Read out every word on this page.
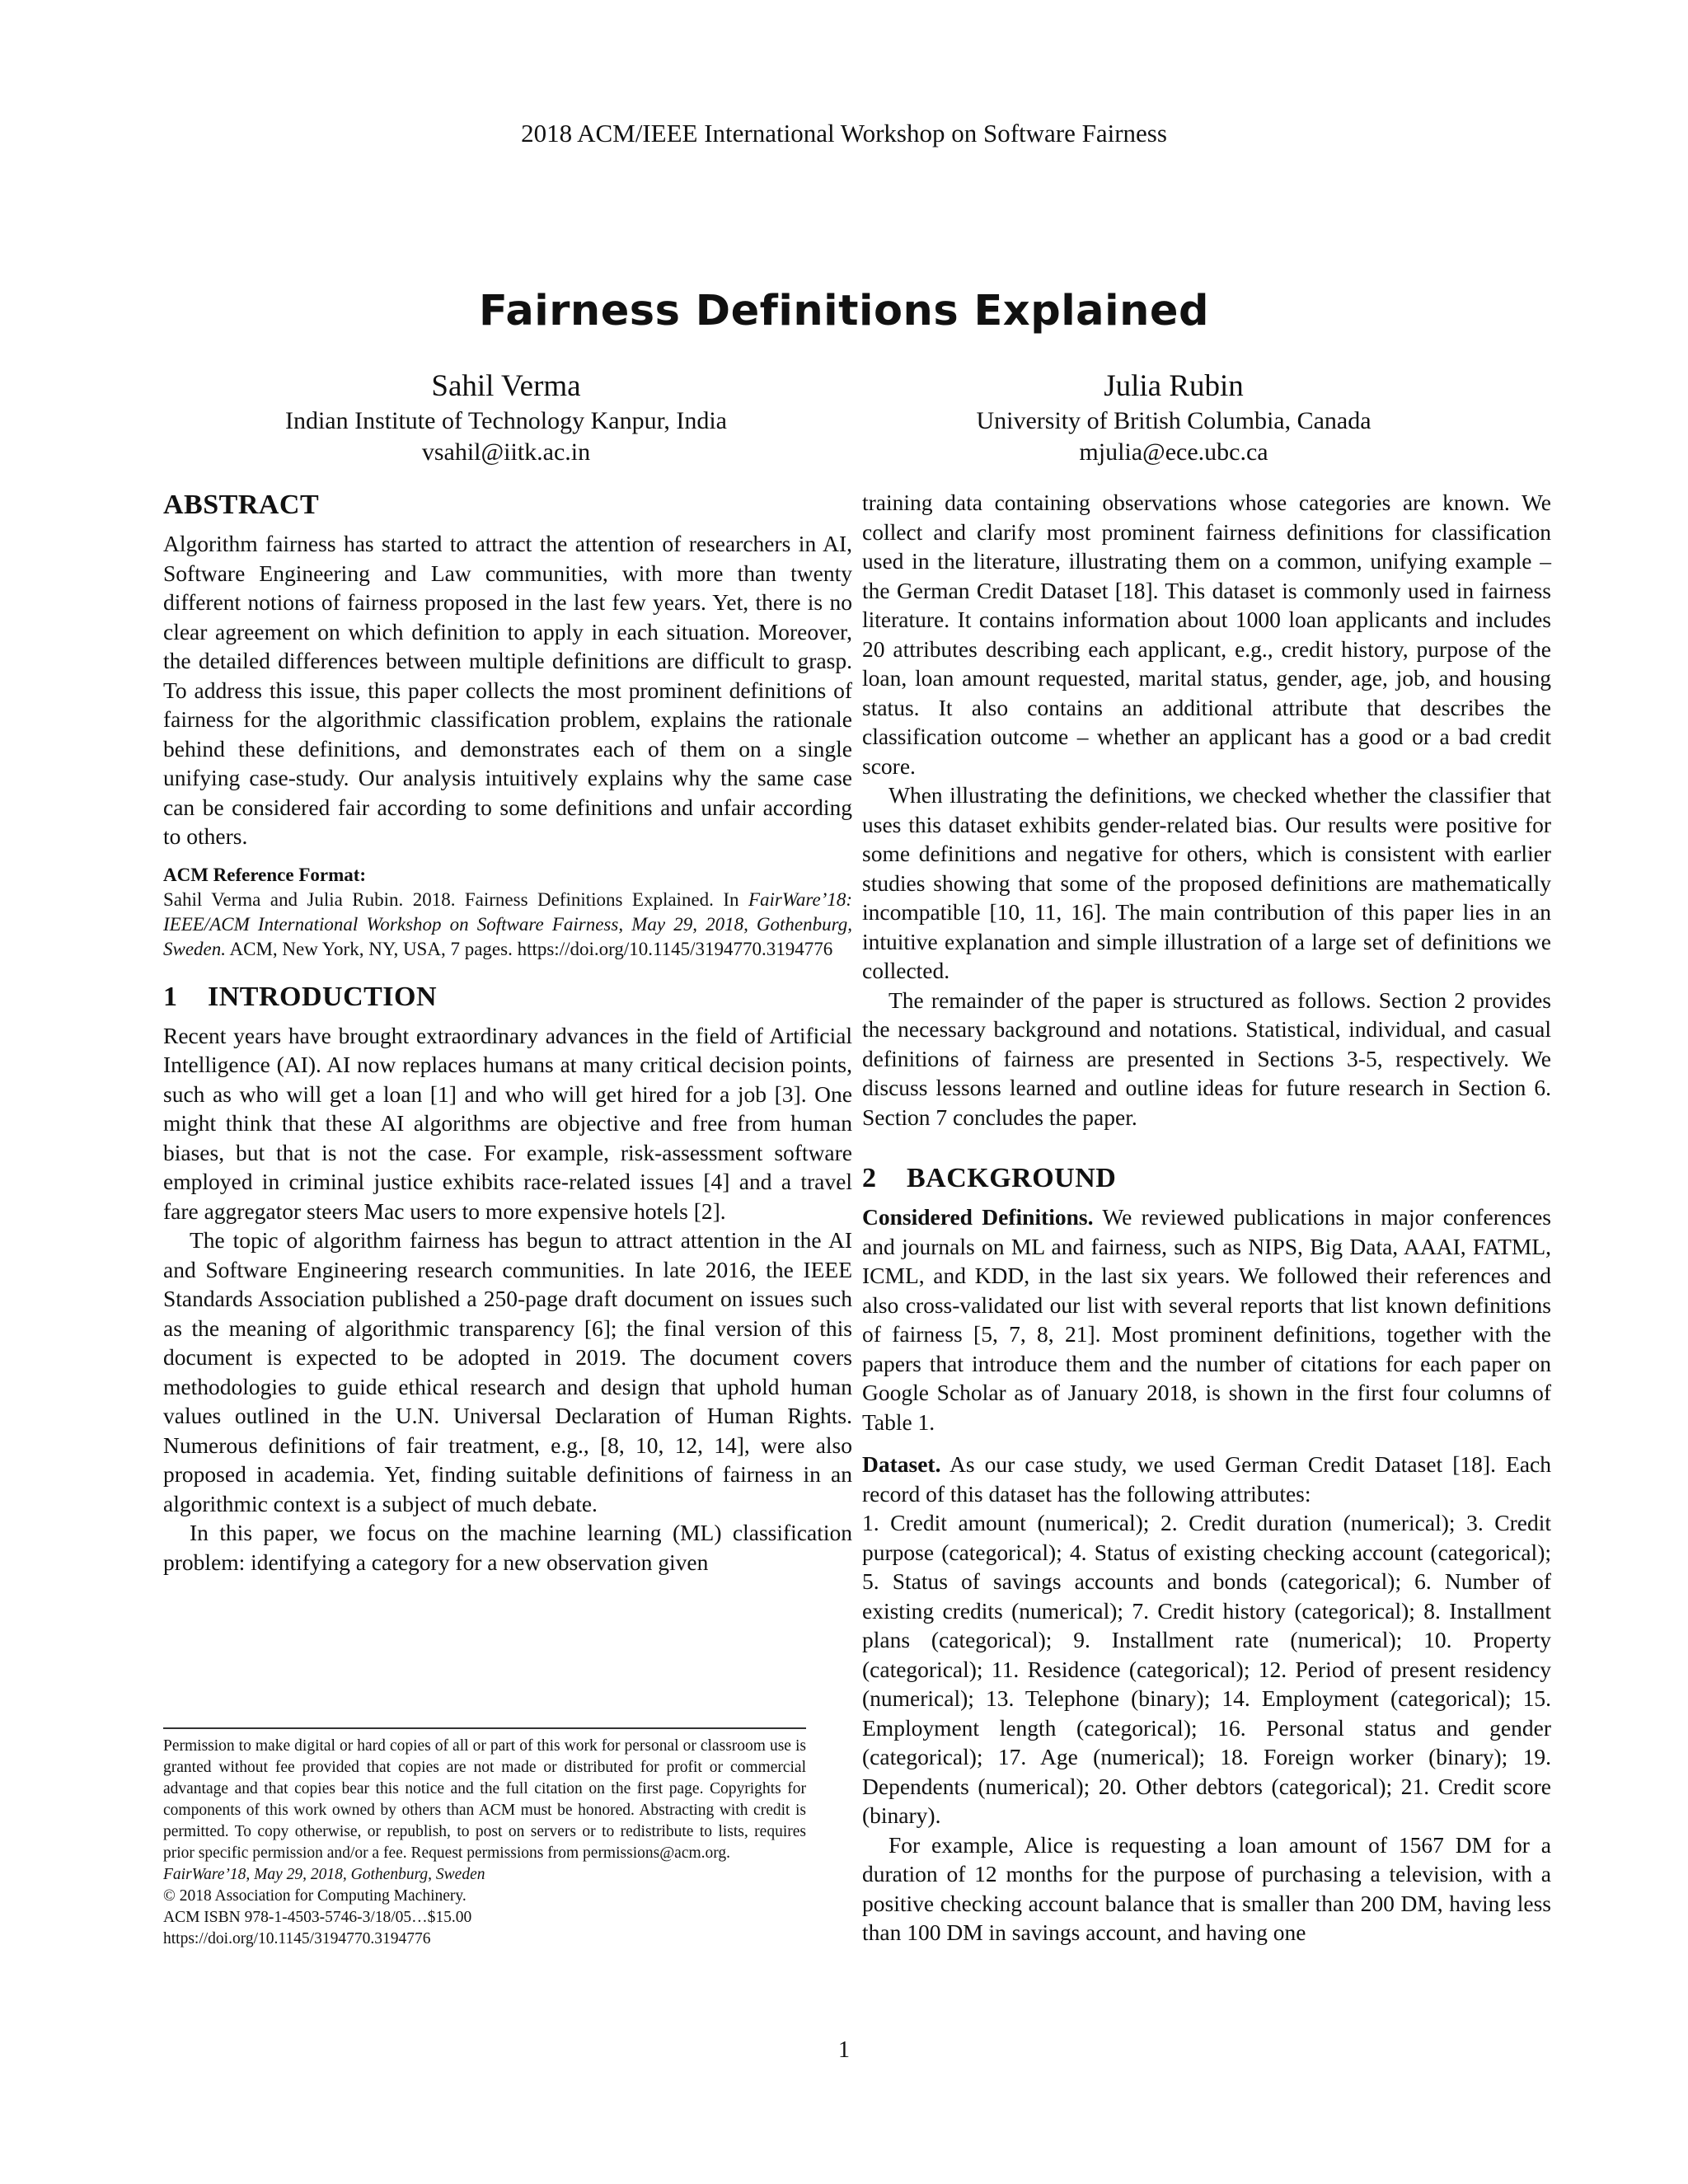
2018 ACM/IEEE International Workshop on Software Fairness
Fairness Definitions Explained
Sahil Verma
Indian Institute of Technology Kanpur, India
vsahil@iitk.ac.in
Julia Rubin
University of British Columbia, Canada
mjulia@ece.ubc.ca
ABSTRACT

Algorithm fairness has started to attract the attention of researchers in AI, Software Engineering and Law communities, with more than twenty different notions of fairness proposed in the last few years. Yet, there is no clear agreement on which definition to apply in each situation. Moreover, the detailed differences between multiple definitions are difficult to grasp. To address this issue, this paper collects the most prominent definitions of fairness for the algorithmic classification problem, explains the rationale behind these definitions, and demonstrates each of them on a single unifying case-study. Our analysis intuitively explains why the same case can be considered fair according to some definitions and unfair according to others.

ACM Reference Format:
Sahil Verma and Julia Rubin. 2018. Fairness Definitions Explained. In FairWare’18: IEEE/ACM International Workshop on Software Fairness, May 29, 2018, Gothenburg, Sweden. ACM, New York, NY, USA, 7 pages. https://doi.org/10.1145/3194770.3194776
1 INTRODUCTION

Recent years have brought extraordinary advances in the field of Artificial Intelligence (AI). AI now replaces humans at many critical decision points, such as who will get a loan [1] and who will get hired for a job [3]. One might think that these AI algorithms are objective and free from human biases, but that is not the case. For example, risk-assessment software employed in criminal justice exhibits race-related issues [4] and a travel fare aggregator steers Mac users to more expensive hotels [2].

The topic of algorithm fairness has begun to attract attention in the AI and Software Engineering research communities. In late 2016, the IEEE Standards Association published a 250-page draft document on issues such as the meaning of algorithmic transparency [6]; the final version of this document is expected to be adopted in 2019. The document covers methodologies to guide ethical research and design that uphold human values outlined in the U.N. Universal Declaration of Human Rights. Numerous definitions of fair treatment, e.g., [8, 10, 12, 14], were also proposed in academia. Yet, finding suitable definitions of fairness in an algorithmic context is a subject of much debate.

In this paper, we focus on the machine learning (ML) classification problem: identifying a category for a new observation given

training data containing observations whose categories are known. We collect and clarify most prominent fairness definitions for classification used in the literature, illustrating them on a common, unifying example – the German Credit Dataset [18]. This dataset is commonly used in fairness literature. It contains information about 1000 loan applicants and includes 20 attributes describing each applicant, e.g., credit history, purpose of the loan, loan amount requested, marital status, gender, age, job, and housing status. It also contains an additional attribute that describes the classification outcome – whether an applicant has a good or a bad credit score.

When illustrating the definitions, we checked whether the classifier that uses this dataset exhibits gender-related bias. Our results were positive for some definitions and negative for others, which is consistent with earlier studies showing that some of the proposed definitions are mathematically incompatible [10, 11, 16]. The main contribution of this paper lies in an intuitive explanation and simple illustration of a large set of definitions we collected.

The remainder of the paper is structured as follows. Section 2 provides the necessary background and notations. Statistical, individual, and casual definitions of fairness are presented in Sections 3-5, respectively. We discuss lessons learned and outline ideas for future research in Section 6. Section 7 concludes the paper.

2 BACKGROUND

Considered Definitions. We reviewed publications in major conferences and journals on ML and fairness, such as NIPS, Big Data, AAAI, FATML, ICML, and KDD, in the last six years. We followed their references and also cross-validated our list with several reports that list known definitions of fairness [5, 7, 8, 21]. Most prominent definitions, together with the papers that introduce them and the number of citations for each paper on Google Scholar as of January 2018, is shown in the first four columns of Table 1.

Dataset. As our case study, we used German Credit Dataset [18]. Each record of this dataset has the following attributes:

1. Credit amount (numerical); 2. Credit duration (numerical); 3. Credit purpose (categorical); 4. Status of existing checking account (categorical); 5. Status of savings accounts and bonds (categorical); 6. Number of existing credits (numerical); 7. Credit history (categorical); 8. Installment plans (categorical); 9. Installment rate (numerical); 10. Property (categorical); 11. Residence (categorical); 12. Period of present residency (numerical); 13. Telephone (binary); 14. Employment (categorical); 15. Employment length (categorical); 16. Personal status and gender (categorical); 17. Age (numerical); 18. Foreign worker (binary); 19. Dependents (numerical); 20. Other debtors (categorical); 21. Credit score (binary).

For example, Alice is requesting a loan amount of 1567 DM for a duration of 12 months for the purpose of purchasing a television, with a positive checking account balance that is smaller than 200 DM, having less than 100 DM in savings account, and having one

Permission to make digital or hard copies of all or part of this work for personal or classroom use is granted without fee provided that copies are not made or distributed for profit or commercial advantage and that copies bear this notice and the full citation on the first page. Copyrights for components of this work owned by others than ACM must be honored. Abstracting with credit is permitted. To copy otherwise, or republish, to post on servers or to redistribute to lists, requires prior specific permission and/or a fee. Request permissions from permissions@acm.org.

FairWare’18, May 29, 2018, Gothenburg, Sweden

© 2018 Association for Computing Machinery.

ACM ISBN 978-1-4503-5746-3/18/05…$15.00

https://doi.org/10.1145/3194770.3194776

1
